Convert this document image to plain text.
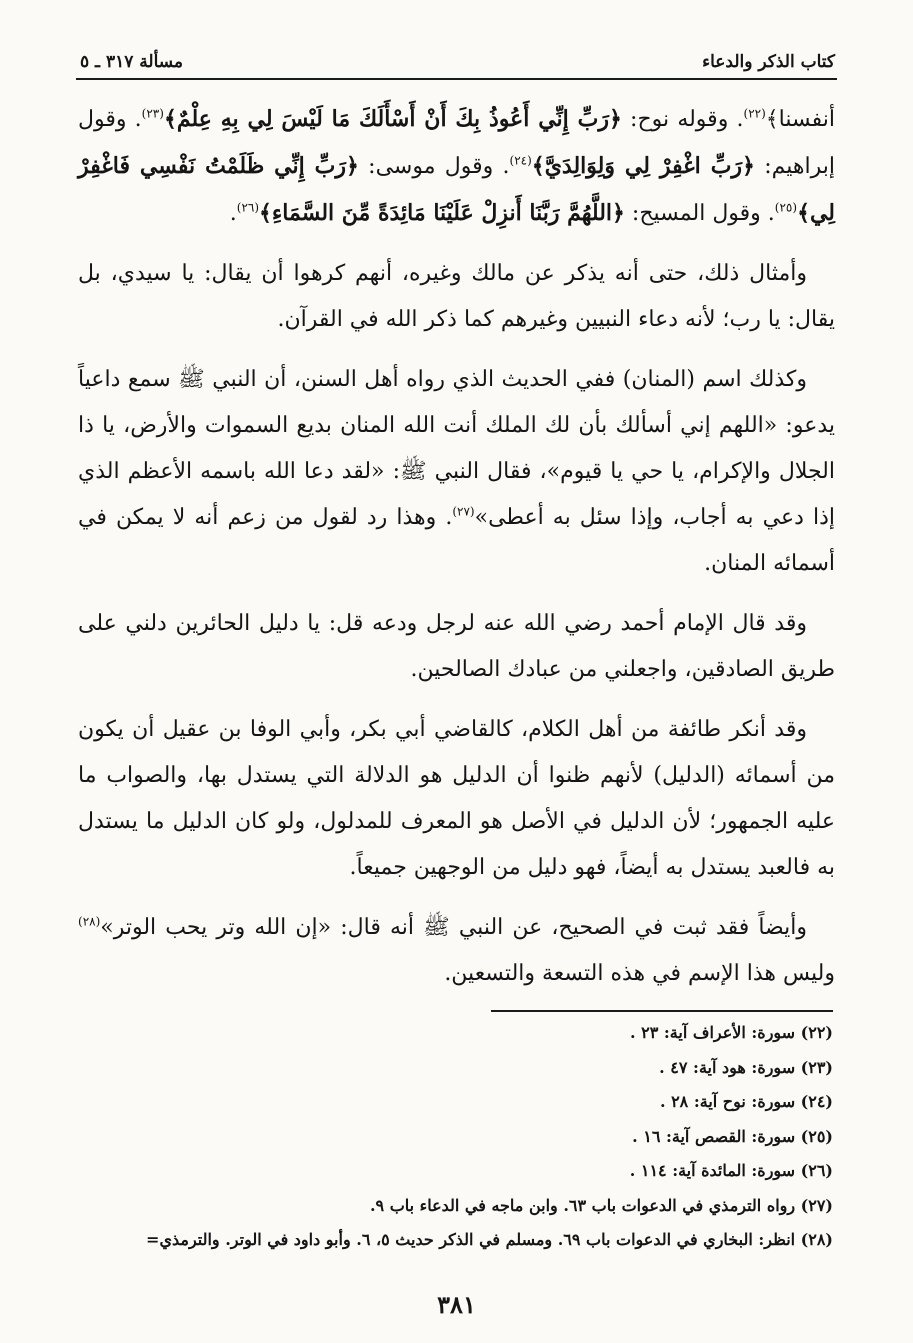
كتاب الذكر والدعاء
مسألة ٣١٧ ـ ٥

أنفسنا﴾$^{(٢٢)}$. وقوله نوح: ﴿رَبِّ إِنِّي أَعُوذُ بِكَ أَنْ أَسْأَلَكَ مَا لَيْسَ لِي بِهِ عِلْمٌ﴾$^{(٢٣)}$. وقول إبراهيم: ﴿رَبِّ اغْفِرْ لِي وَلِوَالِدَيَّ﴾$^{(٢٤)}$. وقول موسى: ﴿رَبِّ إِنِّي ظَلَمْتُ نَفْسِي فَاغْفِرْ لِي﴾$^{(٢٥)}$. وقول المسيح: ﴿اللَّهُمَّ رَبَّنَا أَنزِلْ عَلَيْنَا مَائِدَةً مِّنَ السَّمَاءِ﴾$^{(٢٦)}$.

وأمثال ذلك، حتى أنه يذكر عن مالك وغيره، أنهم كرهوا أن يقال: يا سيدي، بل يقال: يا رب؛ لأنه دعاء النبيين وغيرهم كما ذكر الله في القرآن.

وكذلك اسم (المنان) ففي الحديث الذي رواه أهل السنن، أن النبي ﷺ سمع داعياً يدعو: «اللهم إني أسألك بأن لك الملك أنت الله المنان بديع السموات والأرض، يا ذا الجلال والإكرام، يا حي يا قيوم»، فقال النبي ﷺ: «لقد دعا الله باسمه الأعظم الذي إذا دعي به أجاب، وإذا سئل به أعطى»$^{(٢٧)}$. وهذا رد لقول من زعم أنه لا يمكن في أسمائه المنان.

وقد قال الإمام أحمد رضي الله عنه لرجل ودعه قل: يا دليل الحائرين دلني على طريق الصادقين، واجعلني من عبادك الصالحين.

وقد أنكر طائفة من أهل الكلام، كالقاضي أبي بكر، وأبي الوفا بن عقيل أن يكون من أسمائه (الدليل) لأنهم ظنوا أن الدليل هو الدلالة التي يستدل بها، والصواب ما عليه الجمهور؛ لأن الدليل في الأصل هو المعرف للمدلول، ولو كان الدليل ما يستدل به فالعبد يستدل به أيضاً، فهو دليل من الوجهين جميعاً.

وأيضاً فقد ثبت في الصحيح، عن النبي ﷺ أنه قال: «إن الله وتر يحب الوتر»$^{(٢٨)}$ وليس هذا الإسم في هذه التسعة والتسعين.

(٢٢) سورة: الأعراف آية: ٢٣ .
(٢٣) سورة: هود آية: ٤٧ .
(٢٤) سورة: نوح آية: ٢٨ .
(٢٥) سورة: القصص آية: ١٦ .
(٢٦) سورة: المائدة آية: ١١٤ .
(٢٧) رواه الترمذي في الدعوات باب ٦٣. وابن ماجه في الدعاء باب ٩.
(٢٨) انظر: البخاري في الدعوات باب ٦٩. ومسلم في الذكر حديث ٥، ٦. وأبو داود في الوتر. والترمذي=
٣٨١
